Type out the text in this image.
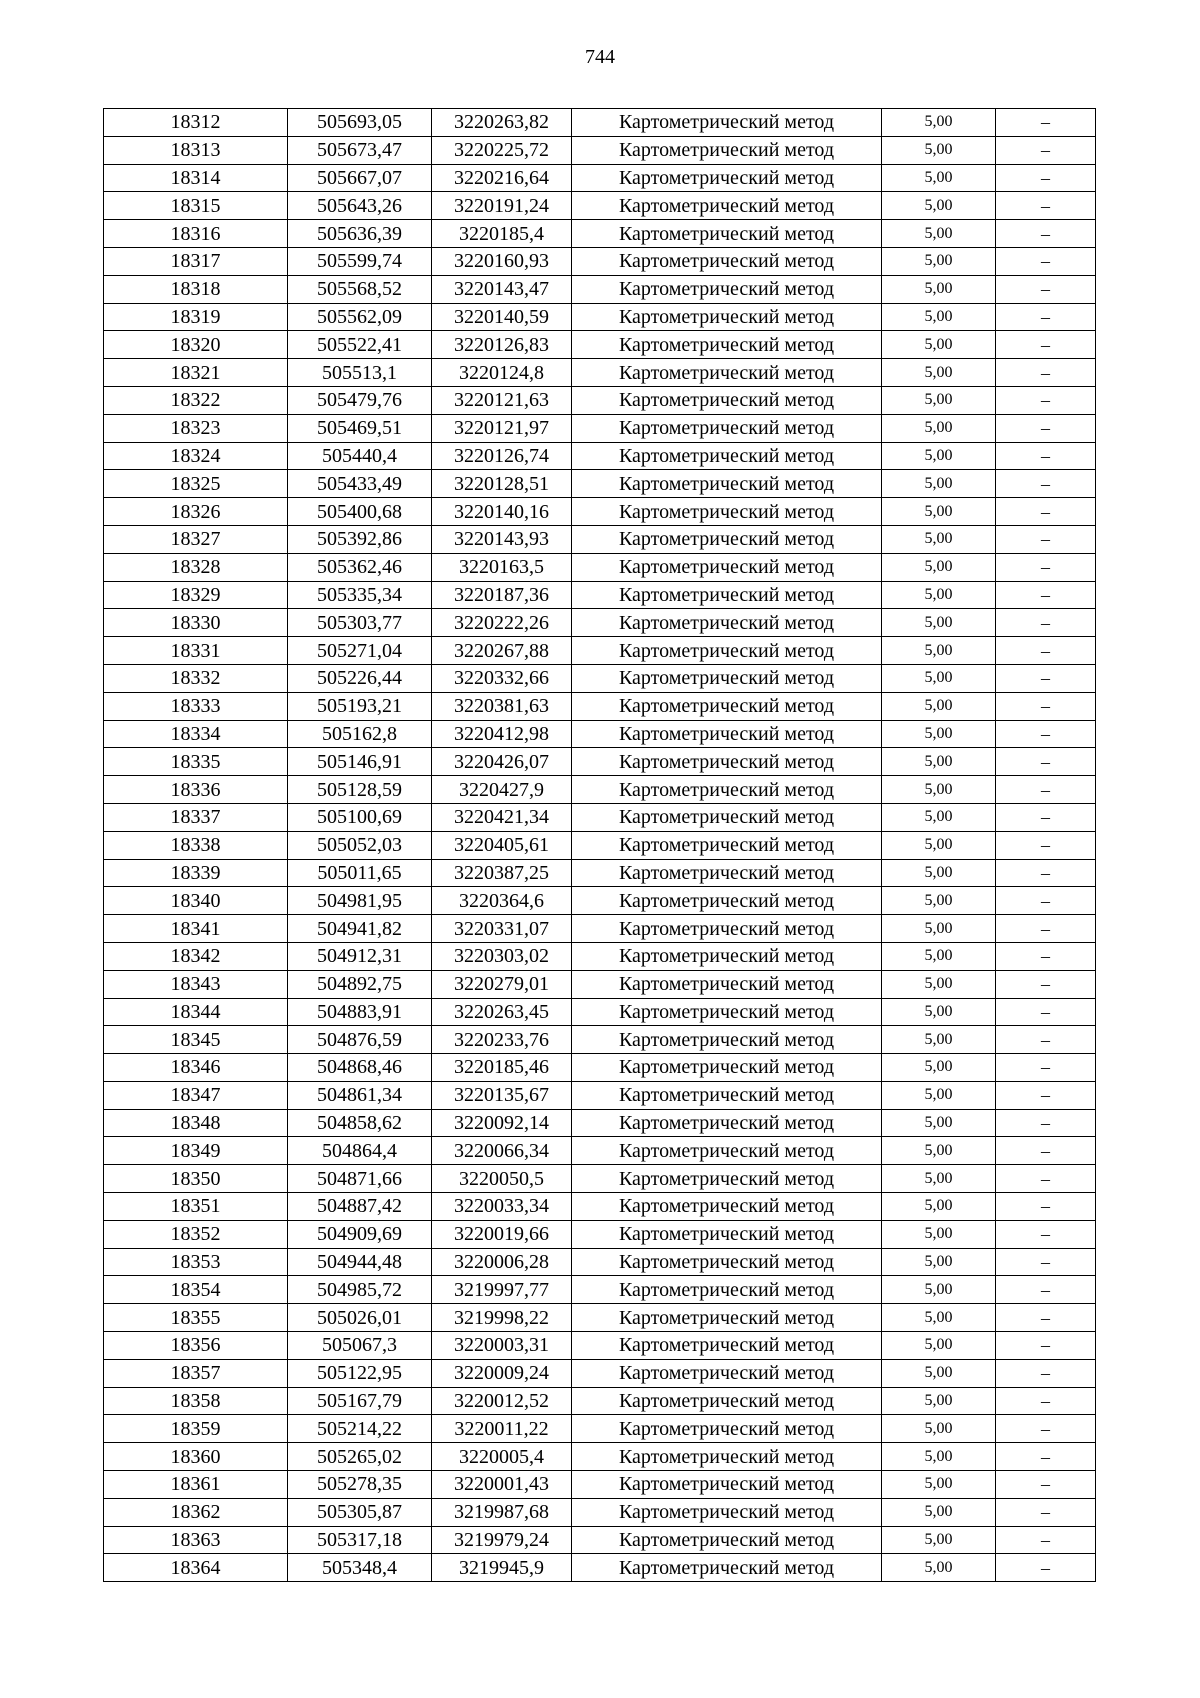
744
18312	505693,05	3220263,82	Картометрический метод	5,00	–
18313	505673,47	3220225,72	Картометрический метод	5,00	–
18314	505667,07	3220216,64	Картометрический метод	5,00	–
18315	505643,26	3220191,24	Картометрический метод	5,00	–
18316	505636,39	3220185,4	Картометрический метод	5,00	–
18317	505599,74	3220160,93	Картометрический метод	5,00	–
18318	505568,52	3220143,47	Картометрический метод	5,00	–
18319	505562,09	3220140,59	Картометрический метод	5,00	–
18320	505522,41	3220126,83	Картометрический метод	5,00	–
18321	505513,1	3220124,8	Картометрический метод	5,00	–
18322	505479,76	3220121,63	Картометрический метод	5,00	–
18323	505469,51	3220121,97	Картометрический метод	5,00	–
18324	505440,4	3220126,74	Картометрический метод	5,00	–
18325	505433,49	3220128,51	Картометрический метод	5,00	–
18326	505400,68	3220140,16	Картометрический метод	5,00	–
18327	505392,86	3220143,93	Картометрический метод	5,00	–
18328	505362,46	3220163,5	Картометрический метод	5,00	–
18329	505335,34	3220187,36	Картометрический метод	5,00	–
18330	505303,77	3220222,26	Картометрический метод	5,00	–
18331	505271,04	3220267,88	Картометрический метод	5,00	–
18332	505226,44	3220332,66	Картометрический метод	5,00	–
18333	505193,21	3220381,63	Картометрический метод	5,00	–
18334	505162,8	3220412,98	Картометрический метод	5,00	–
18335	505146,91	3220426,07	Картометрический метод	5,00	–
18336	505128,59	3220427,9	Картометрический метод	5,00	–
18337	505100,69	3220421,34	Картометрический метод	5,00	–
18338	505052,03	3220405,61	Картометрический метод	5,00	–
18339	505011,65	3220387,25	Картометрический метод	5,00	–
18340	504981,95	3220364,6	Картометрический метод	5,00	–
18341	504941,82	3220331,07	Картометрический метод	5,00	–
18342	504912,31	3220303,02	Картометрический метод	5,00	–
18343	504892,75	3220279,01	Картометрический метод	5,00	–
18344	504883,91	3220263,45	Картометрический метод	5,00	–
18345	504876,59	3220233,76	Картометрический метод	5,00	–
18346	504868,46	3220185,46	Картометрический метод	5,00	–
18347	504861,34	3220135,67	Картометрический метод	5,00	–
18348	504858,62	3220092,14	Картометрический метод	5,00	–
18349	504864,4	3220066,34	Картометрический метод	5,00	–
18350	504871,66	3220050,5	Картометрический метод	5,00	–
18351	504887,42	3220033,34	Картометрический метод	5,00	–
18352	504909,69	3220019,66	Картометрический метод	5,00	–
18353	504944,48	3220006,28	Картометрический метод	5,00	–
18354	504985,72	3219997,77	Картометрический метод	5,00	–
18355	505026,01	3219998,22	Картометрический метод	5,00	–
18356	505067,3	3220003,31	Картометрический метод	5,00	–
18357	505122,95	3220009,24	Картометрический метод	5,00	–
18358	505167,79	3220012,52	Картометрический метод	5,00	–
18359	505214,22	3220011,22	Картометрический метод	5,00	–
18360	505265,02	3220005,4	Картометрический метод	5,00	–
18361	505278,35	3220001,43	Картометрический метод	5,00	–
18362	505305,87	3219987,68	Картометрический метод	5,00	–
18363	505317,18	3219979,24	Картометрический метод	5,00	–
18364	505348,4	3219945,9	Картометрический метод	5,00	–
